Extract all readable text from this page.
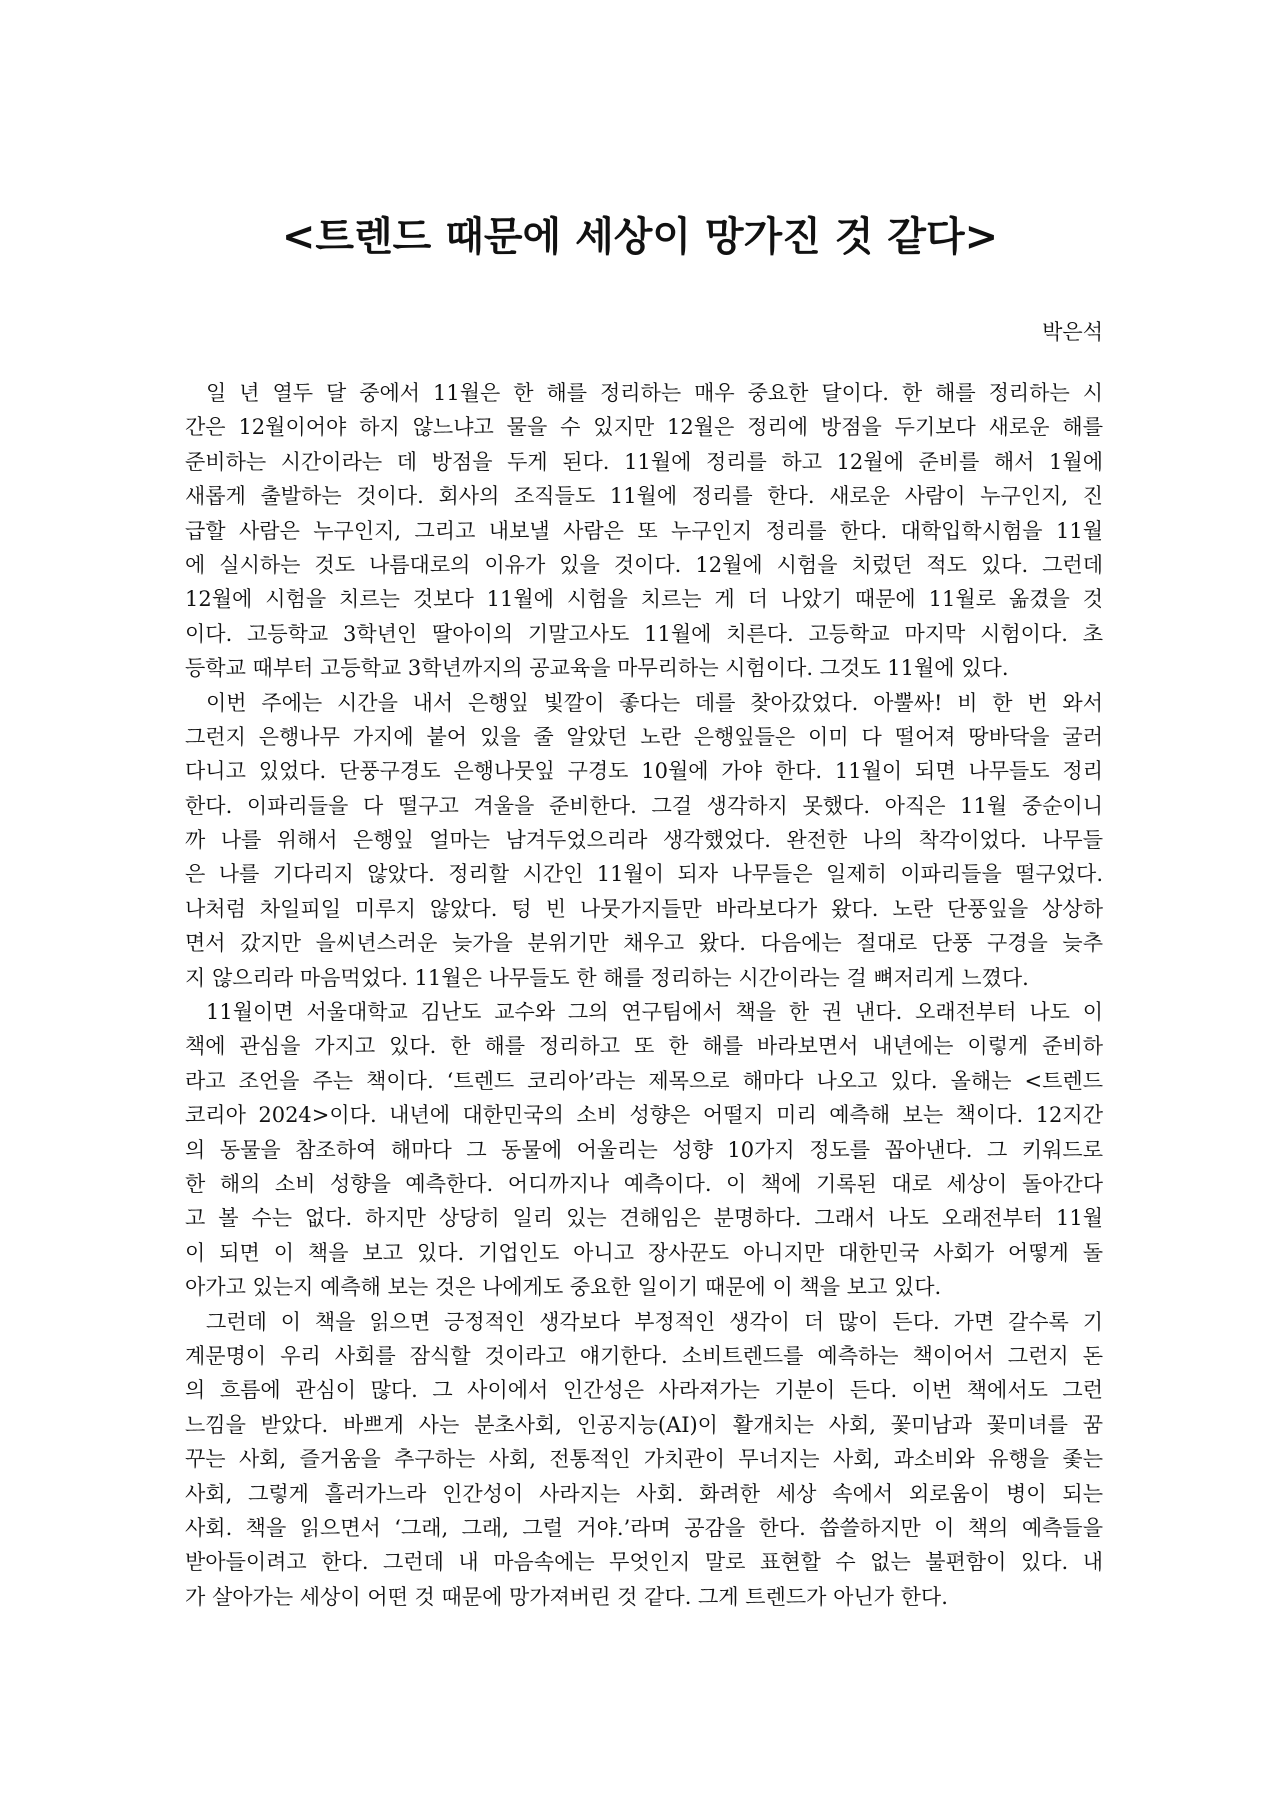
<트렌드 때문에 세상이 망가진 것 같다>
박은석
일 년 열두 달 중에서 11월은 한 해를 정리하는 매우 중요한 달이다. 한 해를 정리하는 시
간은 12월이어야 하지 않느냐고 물을 수 있지만 12월은 정리에 방점을 두기보다 새로운 해를
준비하는 시간이라는 데 방점을 두게 된다. 11월에 정리를 하고 12월에 준비를 해서 1월에
새롭게 출발하는 것이다. 회사의 조직들도 11월에 정리를 한다. 새로운 사람이 누구인지, 진
급할 사람은 누구인지, 그리고 내보낼 사람은 또 누구인지 정리를 한다. 대학입학시험을 11월
에 실시하는 것도 나름대로의 이유가 있을 것이다. 12월에 시험을 치렀던 적도 있다. 그런데
12월에 시험을 치르는 것보다 11월에 시험을 치르는 게 더 나았기 때문에 11월로 옮겼을 것
이다. 고등학교 3학년인 딸아이의 기말고사도 11월에 치른다. 고등학교 마지막 시험이다. 초
등학교 때부터 고등학교 3학년까지의 공교육을 마무리하는 시험이다. 그것도 11월에 있다.
이번 주에는 시간을 내서 은행잎 빛깔이 좋다는 데를 찾아갔었다. 아뿔싸! 비 한 번 와서
그런지 은행나무 가지에 붙어 있을 줄 알았던 노란 은행잎들은 이미 다 떨어져 땅바닥을 굴러
다니고 있었다. 단풍구경도 은행나뭇잎 구경도 10월에 가야 한다. 11월이 되면 나무들도 정리
한다. 이파리들을 다 떨구고 겨울을 준비한다. 그걸 생각하지 못했다. 아직은 11월 중순이니
까 나를 위해서 은행잎 얼마는 남겨두었으리라 생각했었다. 완전한 나의 착각이었다. 나무들
은 나를 기다리지 않았다. 정리할 시간인 11월이 되자 나무들은 일제히 이파리들을 떨구었다.
나처럼 차일피일 미루지 않았다. 텅 빈 나뭇가지들만 바라보다가 왔다. 노란 단풍잎을 상상하
면서 갔지만 을씨년스러운 늦가을 분위기만 채우고 왔다. 다음에는 절대로 단풍 구경을 늦추
지 않으리라 마음먹었다. 11월은 나무들도 한 해를 정리하는 시간이라는 걸 뼈저리게 느꼈다.
11월이면 서울대학교 김난도 교수와 그의 연구팀에서 책을 한 권 낸다. 오래전부터 나도 이
책에 관심을 가지고 있다. 한 해를 정리하고 또 한 해를 바라보면서 내년에는 이렇게 준비하
라고 조언을 주는 책이다. ‘트렌드 코리아’라는 제목으로 해마다 나오고 있다. 올해는 <트렌드
코리아 2024>이다. 내년에 대한민국의 소비 성향은 어떨지 미리 예측해 보는 책이다. 12지간
의 동물을 참조하여 해마다 그 동물에 어울리는 성향 10가지 정도를 꼽아낸다. 그 키워드로
한 해의 소비 성향을 예측한다. 어디까지나 예측이다. 이 책에 기록된 대로 세상이 돌아간다
고 볼 수는 없다. 하지만 상당히 일리 있는 견해임은 분명하다. 그래서 나도 오래전부터 11월
이 되면 이 책을 보고 있다. 기업인도 아니고 장사꾼도 아니지만 대한민국 사회가 어떻게 돌
아가고 있는지 예측해 보는 것은 나에게도 중요한 일이기 때문에 이 책을 보고 있다.
그런데 이 책을 읽으면 긍정적인 생각보다 부정적인 생각이 더 많이 든다. 가면 갈수록 기
계문명이 우리 사회를 잠식할 것이라고 얘기한다. 소비트렌드를 예측하는 책이어서 그런지 돈
의 흐름에 관심이 많다. 그 사이에서 인간성은 사라져가는 기분이 든다. 이번 책에서도 그런
느낌을 받았다. 바쁘게 사는 분초사회, 인공지능(AI)이 활개치는 사회, 꽃미남과 꽃미녀를 꿈
꾸는 사회, 즐거움을 추구하는 사회, 전통적인 가치관이 무너지는 사회, 과소비와 유행을 좇는
사회, 그렇게 흘러가느라 인간성이 사라지는 사회. 화려한 세상 속에서 외로움이 병이 되는
사회. 책을 읽으면서 ‘그래, 그래, 그럴 거야.’라며 공감을 한다. 씁쓸하지만 이 책의 예측들을
받아들이려고 한다. 그런데 내 마음속에는 무엇인지 말로 표현할 수 없는 불편함이 있다. 내
가 살아가는 세상이 어떤 것 때문에 망가져버린 것 같다. 그게 트렌드가 아닌가 한다.
